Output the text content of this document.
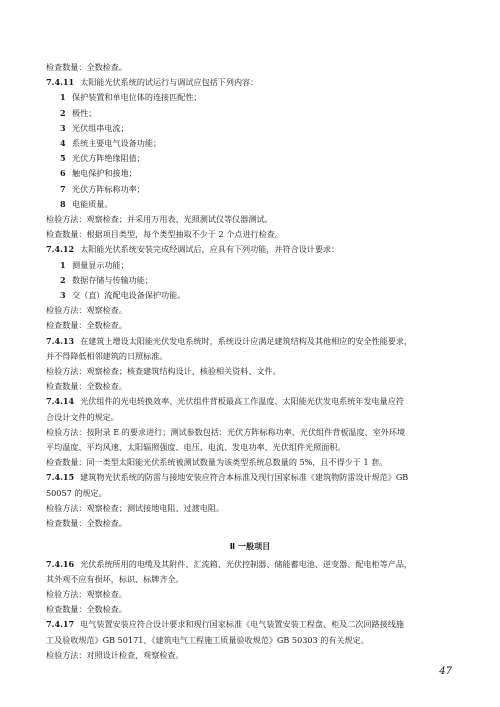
检查数量：全数检查。
7.4.11 太阳能光伏系统的试运行与调试应包括下列内容：
1 保护装置和单电位体的连接匹配性；
2 极性；
3 光伏组串电流；
4 系统主要电气设备功能；
5 光伏方阵绝缘阻值；
6 触电保护和接地；
7 光伏方阵标称功率；
8 电能质量。
检验方法：观察检查；并采用万用表、光照测试仪等仪器测试。
检查数量：根据项目类型，每个类型抽取不少于 2 个点进行检查。
7.4.12 太阳能光伏系统安装完成经调试后，应具有下列功能，并符合设计要求：
1 测量显示功能；
2 数据存储与传输功能；
3 交（直）流配电设备保护功能。
检验方法：观察检查。
检查数量：全数检查。
7.4.13 在建筑上增设太阳能光伏发电系统时，系统设计应满足建筑结构及其他相应的安全性能要求，
并不得降低相邻建筑的日照标准。
检验方法：观察检查；核查建筑结构设计、核验相关资料、文件。
检查数量：全数检查。
7.4.14 光伏组件的光电转换效率、光伏组件背板最高工作温度、太阳能光伏发电系统年发电量应符
合设计文件的规定。
检验方法：按附录 E 的要求进行；测试参数包括：光伏方阵标称功率、光伏组件背板温度、室外环境
平均温度、平均风速、太阳辐照强度、电压、电流、发电功率、光伏组件光照面积。
检查数量：同一类型太阳能光伏系统被测试数量为该类型系统总数量的 5%，且不得少于 1 套。
7.4.15 建筑物光伏系统的防雷与接地安装应符合本标准及现行国家标准《建筑物防雷设计规范》GB
50057 的规定。
检验方法：观察检查；测试接地电阻、过渡电阻。
检查数量：全数检查。
Ⅱ 一般项目
7.4.16 光伏系统所用的电缆及其附件、汇流箱、光伏控制器、储能蓄电池、逆变器、配电柜等产品，
其外观不应有损坏，标识、标牌齐全。
检验方法：观察检查。
检查数量：全数检查。
7.4.17 电气装置安装应符合设计要求和现行国家标准《电气装置安装工程盘、柜及二次回路接线施
工及验收规范》GB 50171、《建筑电气工程施工质量验收规范》GB 50303 的有关规定。
检验方法：对照设计检查，观察检查。
47
